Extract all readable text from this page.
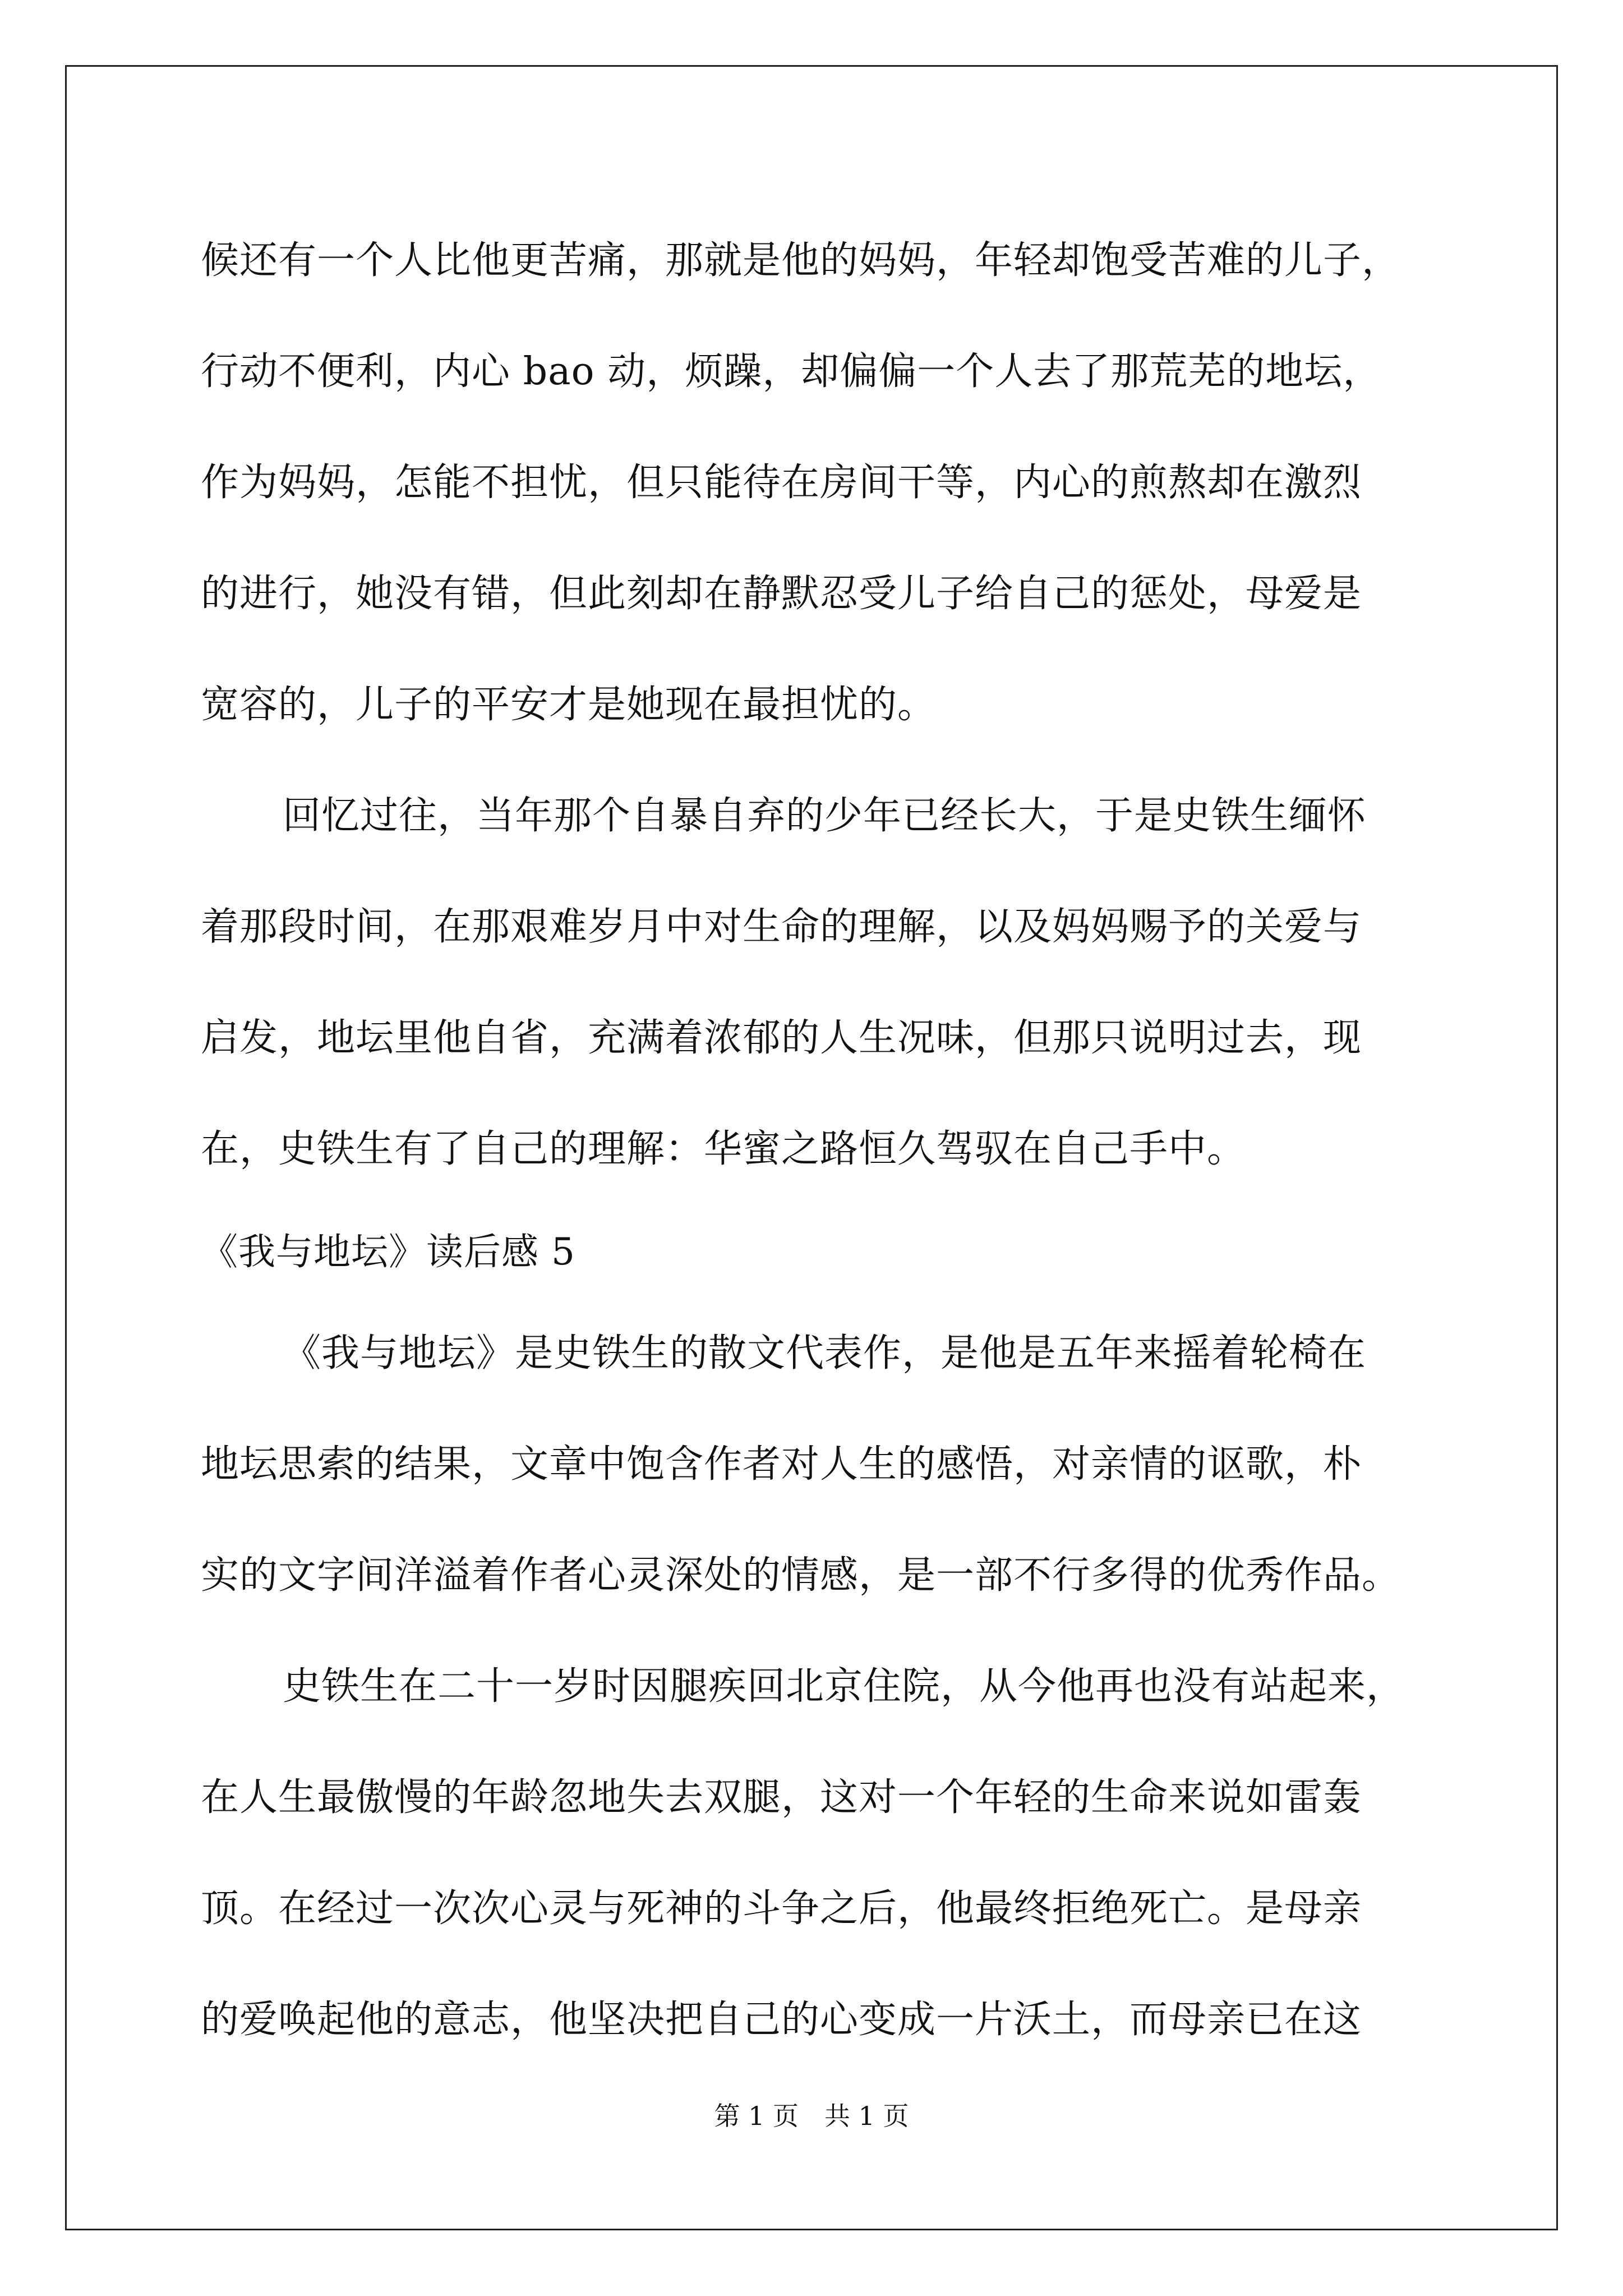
候还有一个人比他更苦痛，那就是他的妈妈，年轻却饱受苦难的儿子，
行动不便利，内心 bao 动，烦躁，却偏偏一个人去了那荒芜的地坛，
作为妈妈，怎能不担忧，但只能待在房间干等，内心的煎熬却在激烈
的进行，她没有错，但此刻却在静默忍受儿子给自己的惩处，母爱是
宽容的，儿子的平安才是她现在最担忧的。
回忆过往，当年那个自暴自弃的少年已经长大，于是史铁生缅怀
着那段时间，在那艰难岁月中对生命的理解，以及妈妈赐予的关爱与
启发，地坛里他自省，充满着浓郁的人生况味，但那只说明过去，现
在，史铁生有了自己的理解：华蜜之路恒久驾驭在自己手中。
《我与地坛》读后感 5
《我与地坛》是史铁生的散文代表作，是他是五年来摇着轮椅在
地坛思索的结果，文章中饱含作者对人生的感悟，对亲情的讴歌，朴
实的文字间洋溢着作者心灵深处的情感，是一部不行多得的优秀作品。
史铁生在二十一岁时因腿疾回北京住院，从今他再也没有站起来，
在人生最傲慢的年龄忽地失去双腿，这对一个年轻的生命来说如雷轰
顶。在经过一次次心灵与死神的斗争之后，他最终拒绝死亡。是母亲
的爱唤起他的意志，他坚决把自己的心变成一片沃土，而母亲已在这
第 1 页　共 1 页
